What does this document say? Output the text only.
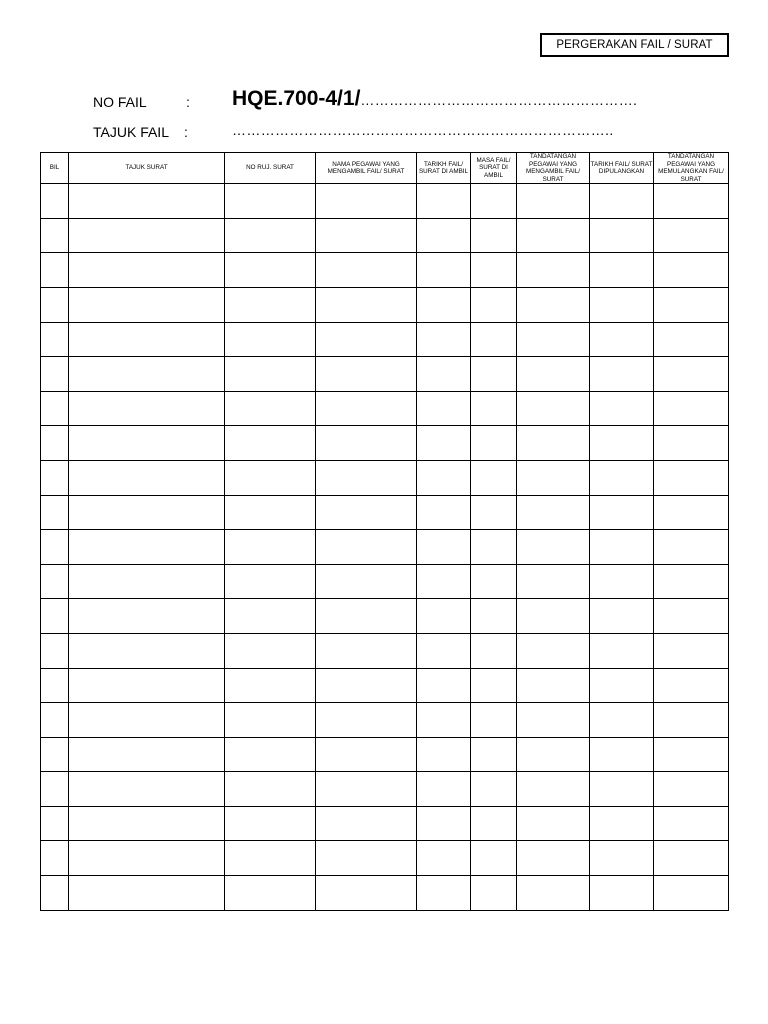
PERGERAKAN FAIL / SURAT
NO FAIL	: HQE.700-4/1/………………………………………………….
TAJUK FAIL :	……………………………………………………………………..
BIL	TAJUK SURAT	NO RUJ. SURAT	NAMA PEGAWAI YANG MENGAMBIL FAIL/ SURAT	TARIKH FAIL/ SURAT DI AMBIL	MASA FAIL/ SURAT DI AMBIL	TANDATANGAN PEGAWAI YANG MENGAMBIL FAIL/ SURAT	TARIKH FAIL/ SURAT DIPULANGKAN	TANDATANGAN PEGAWAI YANG MEMULANGKAN FAIL/ SURAT
